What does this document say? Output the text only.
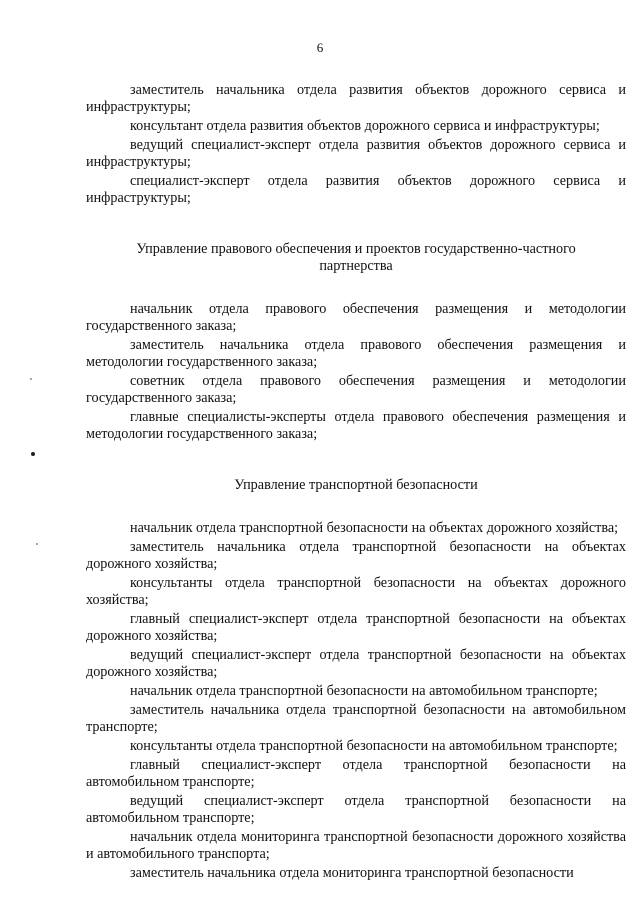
6

заместитель начальника отдела развития объектов дорожного сервиса и инфраструктуры;

консультант отдела развития объектов дорожного сервиса и инфраструктуры;

ведущий специалист-эксперт отдела развития объектов дорожного сервиса и инфраструктуры;

специалист-эксперт отдела развития объектов дорожного сервиса и инфраструктуры;

Управление правового обеспечения и проектов государственно-частного партнерства

начальник отдела правового обеспечения размещения и методологии государственного заказа;

заместитель начальника отдела правового обеспечения размещения и методологии государственного заказа;

советник отдела правового обеспечения размещения и методологии государственного заказа;

главные специалисты-эксперты отдела правового обеспечения размещения и методологии государственного заказа;

Управление транспортной безопасности

начальник отдела транспортной безопасности на объектах дорожного хозяйства;

заместитель начальника отдела транспортной безопасности на объектах дорожного хозяйства;

консультанты отдела транспортной безопасности на объектах дорожного хозяйства;

главный специалист-эксперт отдела транспортной безопасности на объектах дорожного хозяйства;

ведущий специалист-эксперт отдела транспортной безопасности на объектах дорожного хозяйства;

начальник отдела транспортной безопасности на автомобильном транспорте;

заместитель начальника отдела транспортной безопасности на автомобильном транспорте;

консультанты отдела транспортной безопасности на автомобильном транспорте;

главный специалист-эксперт отдела транспортной безопасности на автомобильном транспорте;

ведущий специалист-эксперт отдела транспортной безопасности на автомобильном транспорте;

начальник отдела мониторинга транспортной безопасности дорожного хозяйства и автомобильного транспорта;

заместитель начальника отдела мониторинга транспортной безопасности
